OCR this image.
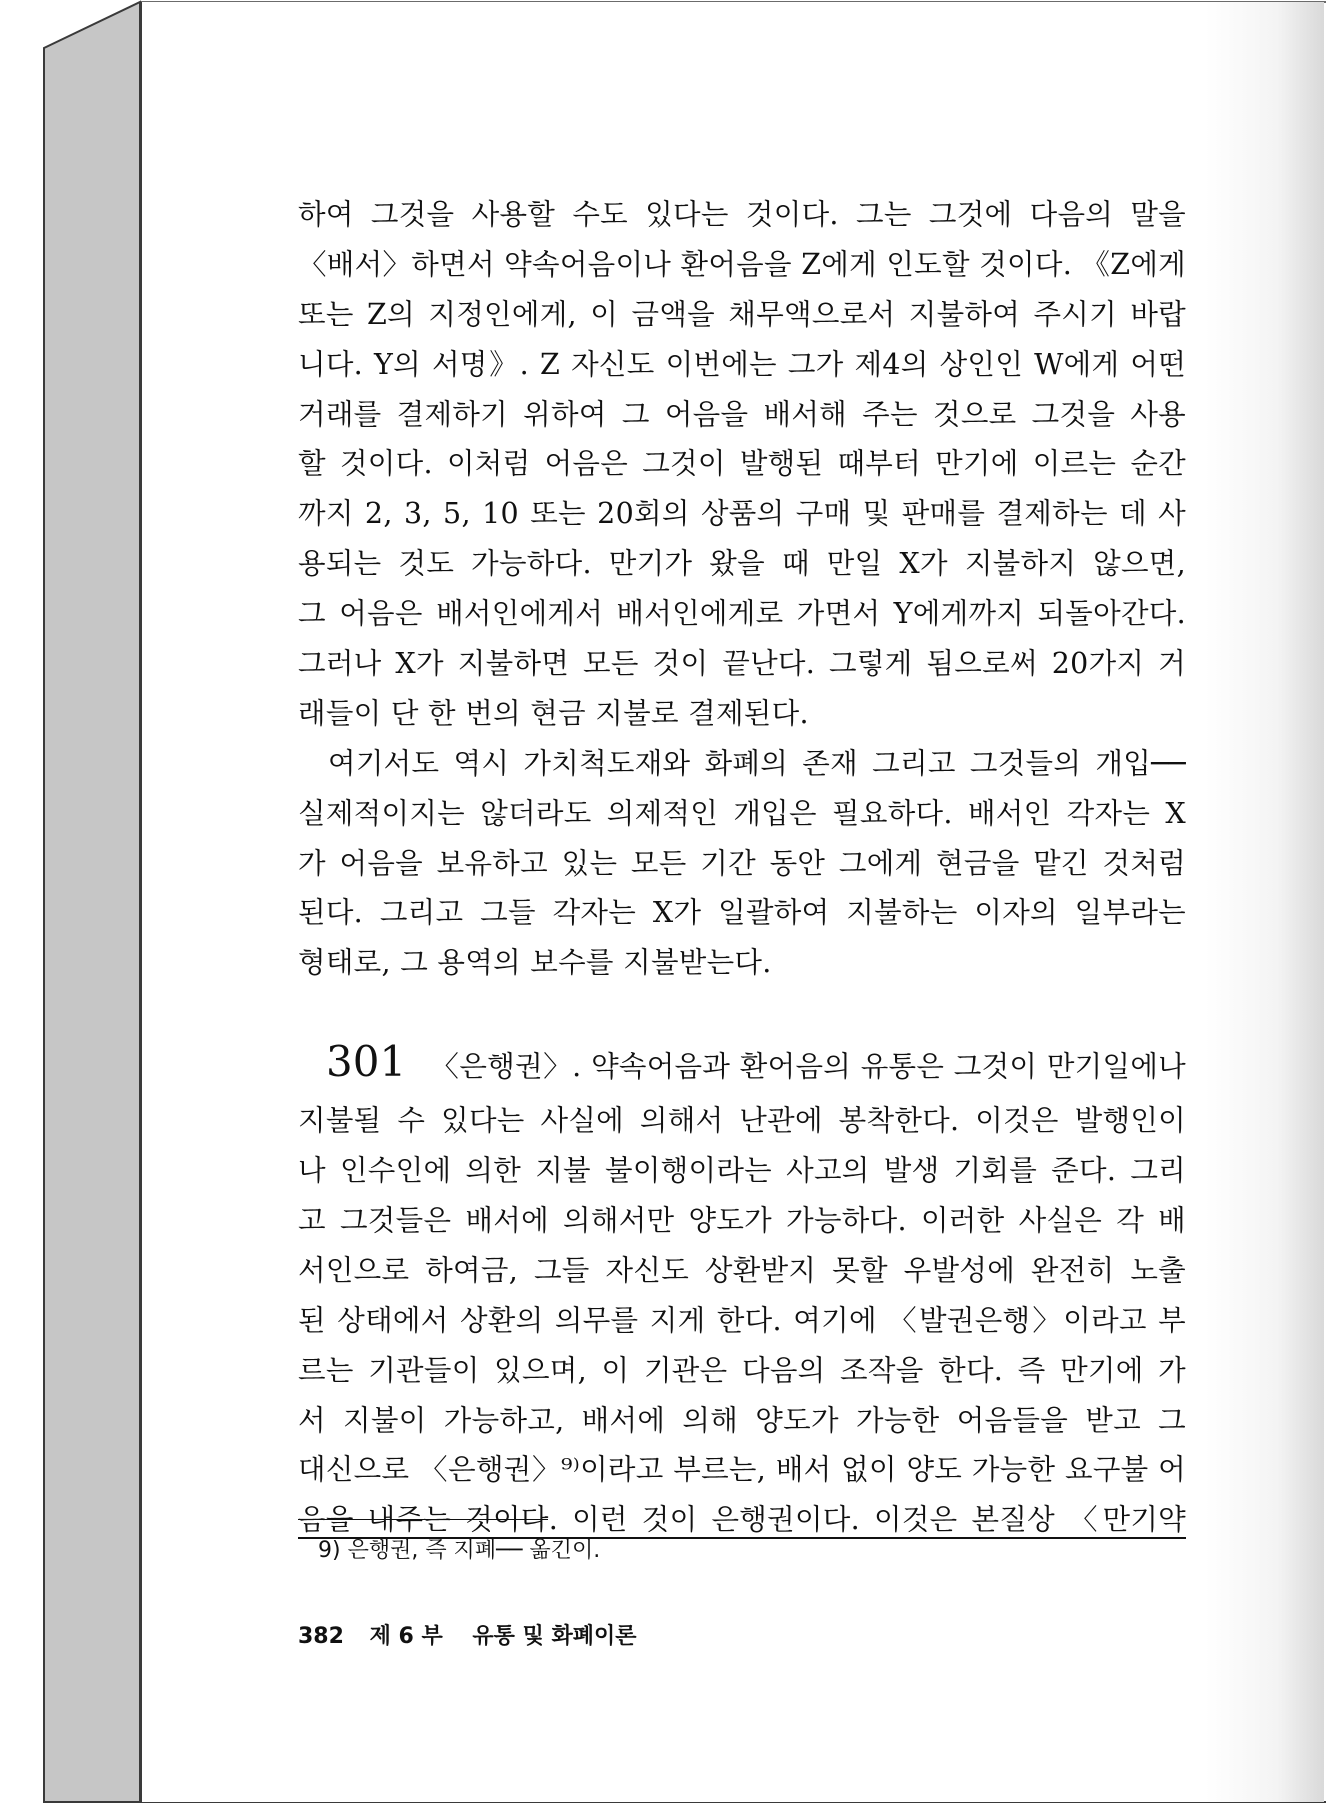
하여 그것을 사용할 수도 있다는 것이다. 그는 그것에 다음의 말을
〈배서〉하면서 약속어음이나 환어음을 Z에게 인도할 것이다. 《Z에게
또는 Z의 지정인에게, 이 금액을 채무액으로서 지불하여 주시기 바랍
니다. Y의 서명》. Z 자신도 이번에는 그가 제4의 상인인 W에게 어떤
거래를 결제하기 위하여 그 어음을 배서해 주는 것으로 그것을 사용
할 것이다. 이처럼 어음은 그것이 발행된 때부터 만기에 이르는 순간
까지 2, 3, 5, 10 또는 20회의 상품의 구매 및 판매를 결제하는 데 사
용되는 것도 가능하다. 만기가 왔을 때 만일 X가 지불하지 않으면,
그 어음은 배서인에게서 배서인에게로 가면서 Y에게까지 되돌아간다.
그러나 X가 지불하면 모든 것이 끝난다. 그렇게 됨으로써 20가지 거
래들이 단 한 번의 현금 지불로 결제된다.
여기서도 역시 가치척도재와 화폐의 존재 그리고 그것들의 개입──
실제적이지는 않더라도 의제적인 개입은 필요하다. 배서인 각자는 X
가 어음을 보유하고 있는 모든 기간 동안 그에게 현금을 맡긴 것처럼
된다. 그리고 그들 각자는 X가 일괄하여 지불하는 이자의 일부라는
형태로, 그 용역의 보수를 지불받는다.
301 〈은행권〉. 약속어음과 환어음의 유통은 그것이 만기일에나
지불될 수 있다는 사실에 의해서 난관에 봉착한다. 이것은 발행인이
나 인수인에 의한 지불 불이행이라는 사고의 발생 기회를 준다. 그리
고 그것들은 배서에 의해서만 양도가 가능하다. 이러한 사실은 각 배
서인으로 하여금, 그들 자신도 상환받지 못할 우발성에 완전히 노출
된 상태에서 상환의 의무를 지게 한다. 여기에 〈발권은행〉이라고 부
르는 기관들이 있으며, 이 기관은 다음의 조작을 한다. 즉 만기에 가
서 지불이 가능하고, 배서에 의해 양도가 가능한 어음들을 받고 그
대신으로 〈은행권〉⁹⁾이라고 부르는, 배서 없이 양도 가능한 요구불 어
음을 내주는 것이다. 이런 것이 은행권이다. 이것은 본질상 〈만기약
9) 은행권, 즉 지폐── 옮긴이.
382 제 6 부 유통 및 화폐이론
